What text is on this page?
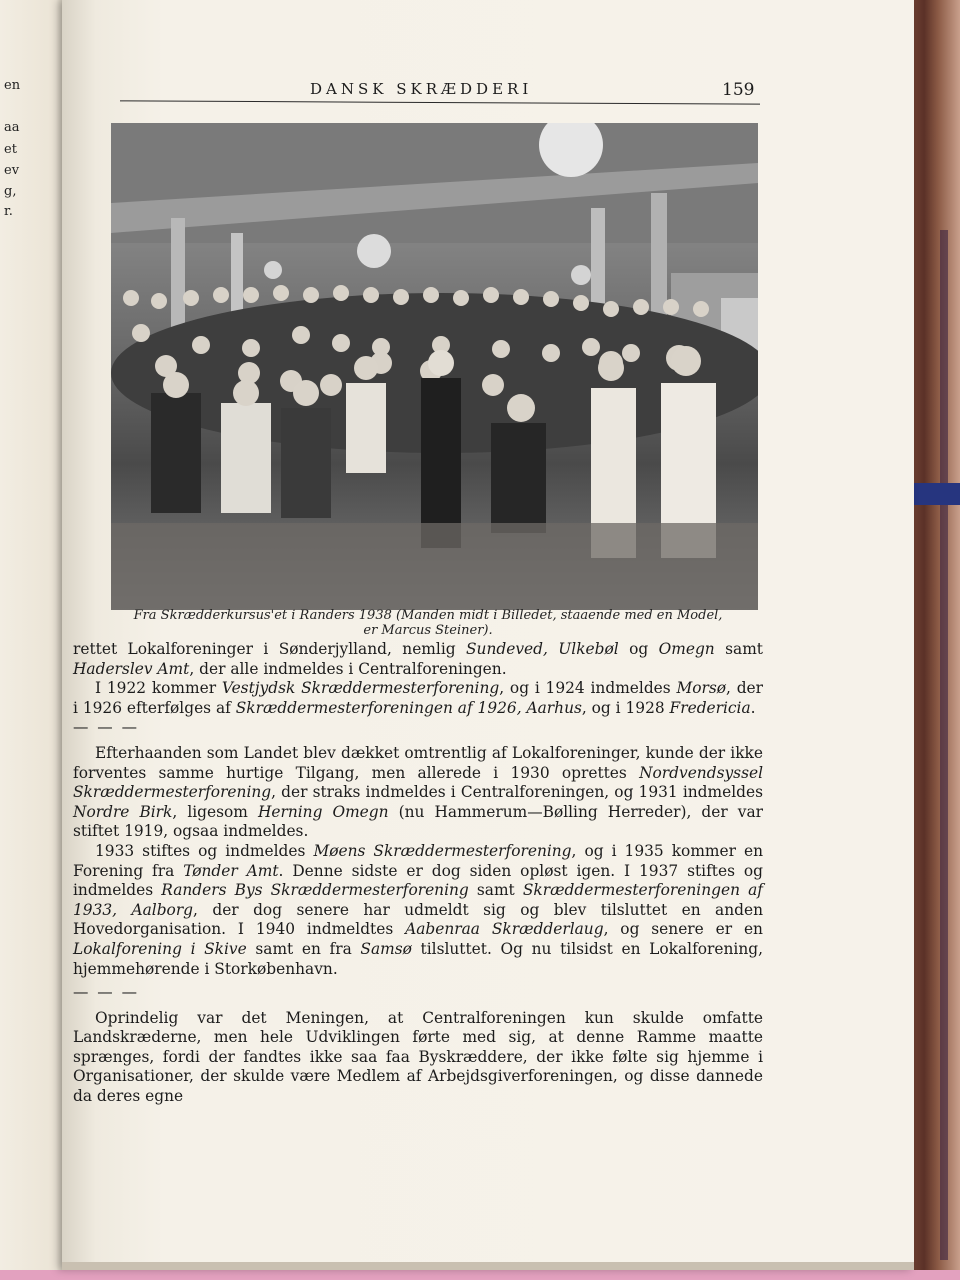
en
aa
et
ev
g,
r.
DANSK SKRÆDDERI	159
Fra Skrædderkursus'et i Randers 1938 (Manden midt i Billedet, staaende med en Model,
er Marcus Steiner).

rettet Lokalforeninger i Sønderjylland, nemlig Sundeved, Ulkebøl og Omegn samt Haderslev Amt, der alle indmeldes i Centralforeningen.

I 1922 kommer Vestjydsk Skræddermesterforening, og i 1924 indmeldes Morsø, der i 1926 efterfølges af Skræddermesterforeningen af 1926, Aarhus, og i 1928 Fredericia.

— — —

Efterhaanden som Landet blev dækket omtrentlig af Lokalforeninger, kunde der ikke forventes samme hurtige Tilgang, men allerede i 1930 oprettes Nordvendsyssel Skræddermesterforening, der straks indmeldes i Centralforeningen, og 1931 indmeldes Nordre Birk, ligesom Herning Omegn (nu Hammerum—Bølling Herreder), der var stiftet 1919, ogsaa indmeldes.

1933 stiftes og indmeldes Møens Skræddermesterforening, og i 1935 kommer en Forening fra Tønder Amt. Denne sidste er dog siden opløst igen. I 1937 stiftes og indmeldes Randers Bys Skræddermesterforening samt Skræddermesterforeningen af 1933, Aalborg, der dog senere har udmeldt sig og blev tilsluttet en anden Hovedorganisation. I 1940 indmeldtes Aabenraa Skrædderlaug, og senere er en Lokalforening i Skive samt en fra Samsø tilsluttet. Og nu tilsidst en Lokalforening, hjemmehørende i Storkøbenhavn.

— — —

Oprindelig var det Meningen, at Centralforeningen kun skulde omfatte Landskræderne, men hele Udviklingen førte med sig, at denne Ramme maatte sprænges, fordi der fandtes ikke saa faa Byskræddere, der ikke følte sig hjemme i Organisationer, der skulde være Medlem af Arbejdsgiverforeningen, og disse dannede da deres egne
